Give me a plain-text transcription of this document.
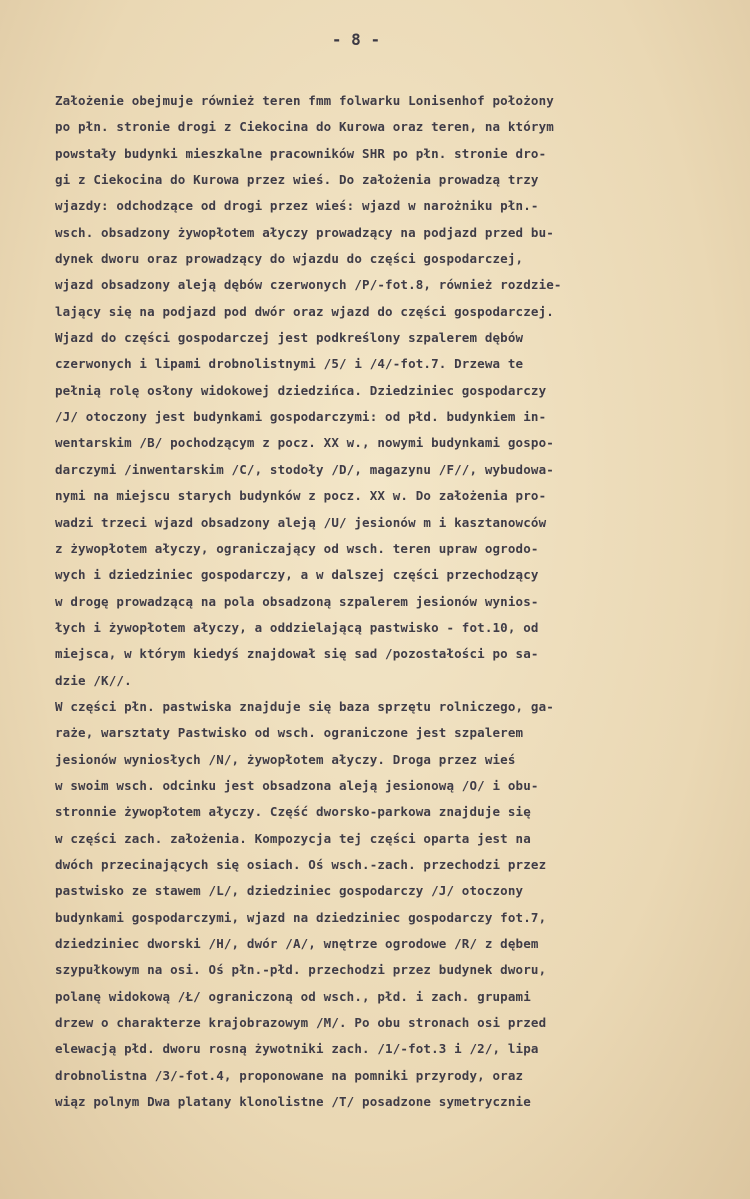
- 8 -

Założenie obejmuje również teren fmm folwarku Lonisenhof położony
po płn. stronie drogi z Ciekocina do Kurowa oraz teren, na którym
powstały budynki mieszkalne pracowników SHR po płn. stronie dro-
gi z Ciekocina do Kurowa przez wieś. Do założenia prowadzą trzy
wjazdy: odchodzące od drogi przez wieś: wjazd w narożniku płn.-
wsch. obsadzony żywopłotem ałyczy prowadzący na podjazd przed bu-
dynek dworu oraz prowadzący do wjazdu do części gospodarczej,
wjazd obsadzony aleją dębów czerwonych /P/-fot.8, również rozdzie-
lający się na podjazd pod dwór oraz wjazd do części gospodarczej.
Wjazd do części gospodarczej jest podkreślony szpalerem dębów
czerwonych i lipami drobnolistnymi /5/ i /4/-fot.7. Drzewa te
pełnią rolę osłony widokowej dziedzińca. Dziedziniec gospodarczy
/J/ otoczony jest budynkami gospodarczymi: od płd. budynkiem in-
wentarskim /B/ pochodzącym z pocz. XX w., nowymi budynkami gospo-
darczymi /inwentarskim /C/, stodoły /D/, magazynu /F//, wybudowa-
nymi na miejscu starych budynków z pocz. XX w. Do założenia pro-
wadzi trzeci wjazd obsadzony aleją /U/ jesionów m i kasztanowców
z żywopłotem ałyczy, ograniczający od wsch. teren upraw ogrodo-
wych i dziedziniec gospodarczy, a w dalszej części przechodzący
w drogę prowadzącą na pola obsadzoną szpalerem jesionów wynios-
łych i żywopłotem ałyczy, a oddzielającą pastwisko - fot.10, od
miejsca, w którym kiedyś znajdował się sad /pozostałości po sa-
dzie /K//.
W części płn. pastwiska znajduje się baza sprzętu rolniczego, ga-
raże, warsztaty Pastwisko od wsch. ograniczone jest szpalerem
jesionów wyniosłych /N/, żywopłotem ałyczy. Droga przez wieś
w swoim wsch. odcinku jest obsadzona aleją jesionową /O/ i obu-
stronnie żywopłotem ałyczy. Część dworsko-parkowa znajduje się
w części zach. założenia. Kompozycja tej części oparta jest na
dwóch przecinających się osiach. Oś wsch.-zach. przechodzi przez
pastwisko ze stawem /L/, dziedziniec gospodarczy /J/ otoczony
budynkami gospodarczymi, wjazd na dziedziniec gospodarczy fot.7,
dziedziniec dworski /H/, dwór /A/, wnętrze ogrodowe /R/ z dębem
szypułkowym na osi. Oś płn.-płd. przechodzi przez budynek dworu,
polanę widokową /Ł/ ograniczoną od wsch., płd. i zach. grupami
drzew o charakterze krajobrazowym /M/. Po obu stronach osi przed
elewacją płd. dworu rosną żywotniki zach. /1/-fot.3 i /2/, lipa
drobnolistna /3/-fot.4, proponowane na pomniki przyrody, oraz
wiąz polnym Dwa platany klonolistne /T/ posadzone symetrycznie
